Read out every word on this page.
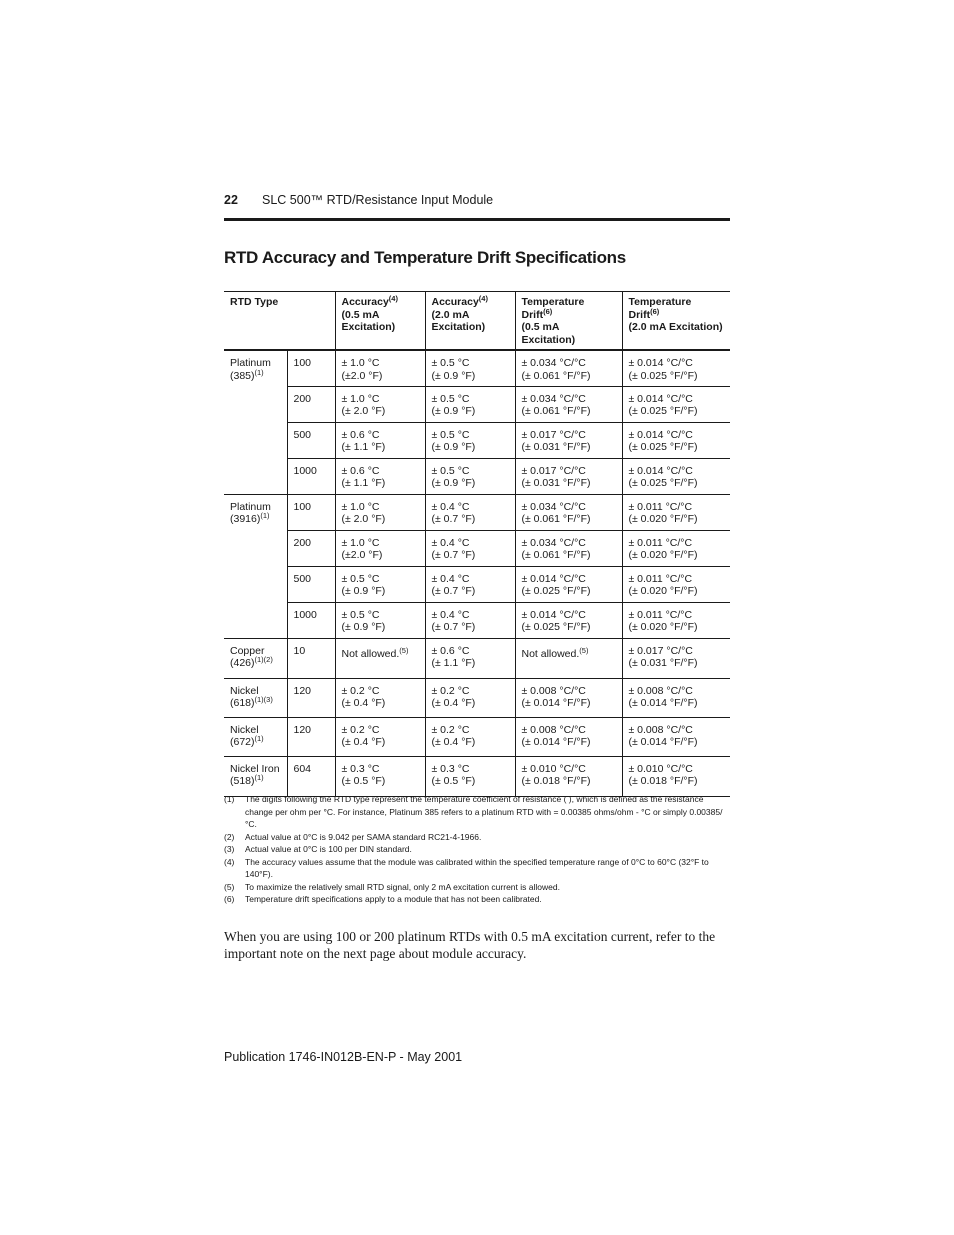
22 SLC 500™ RTD/Resistance Input Module
RTD Accuracy and Temperature Drift Specifications
RTD Type		Accuracy$^{(4)}$
(0.5 mA
Excitation)	Accuracy$^{(4)}$
(2.0 mA
Excitation)	Temperature
Drift$^{(6)}$
(0.5 mA Excitation)	Temperature
Drift$^{(6)}$
(2.0 mA Excitation)

Platinum
$(385)^{(1)}$	100	± 1.0 °C
(±2.0 °F)	± 0.5 °C
(± 0.9 °F)	± 0.034 °C/°C
(± 0.061 °F/°F)	± 0.014 °C/°C
(± 0.025 °F/°F)

	200	± 1.0 °C
(± 2.0 °F)	± 0.5 °C
(± 0.9 °F)	± 0.034 °C/°C
(± 0.061 °F/°F)	± 0.014 °C/°C
(± 0.025 °F/°F)

	500	± 0.6 °C
(± 1.1 °F)	± 0.5 °C
(± 0.9 °F)	± 0.017 °C/°C
(± 0.031 °F/°F)	± 0.014 °C/°C
(± 0.025 °F/°F)

	1000	± 0.6 °C
(± 1.1 °F)	± 0.5 °C
(± 0.9 °F)	± 0.017 °C/°C
(± 0.031 °F/°F)	± 0.014 °C/°C
(± 0.025 °F/°F)

Platinum
$(3916)^{(1)}$	100	± 1.0 °C
(± 2.0 °F)	± 0.4 °C
(± 0.7 °F)	± 0.034 °C/°C
(± 0.061 °F/°F)	± 0.011 °C/°C
(± 0.020 °F/°F)

	200	± 1.0 °C
(±2.0 °F)	± 0.4 °C
(± 0.7 °F)	± 0.034 °C/°C
(± 0.061 °F/°F)	± 0.011 °C/°C
(± 0.020 °F/°F)

	500	± 0.5 °C
(± 0.9 °F)	± 0.4 °C
(± 0.7 °F)	± 0.014 °C/°C
(± 0.025 °F/°F)	± 0.011 °C/°C
(± 0.020 °F/°F)

	1000	± 0.5 °C
(± 0.9 °F)	± 0.4 °C
(± 0.7 °F)	± 0.014 °C/°C
(± 0.025 °F/°F)	± 0.011 °C/°C
(± 0.020 °F/°F)

Copper
$(426)^{(1)(2)}$	10	Not allowed.$^{(5)}$	± 0.6 °C
(± 1.1 °F)	Not allowed.$^{(5)}$	± 0.017 °C/°C
(± 0.031 °F/°F)

Nickel
$(618)^{(1)(3)}$	120	± 0.2 °C
(± 0.4 °F)	± 0.2 °C
(± 0.4 °F)	± 0.008 °C/°C
(± 0.014 °F/°F)	± 0.008 °C/°C
(± 0.014 °F/°F)

Nickel
$(672)^{(1)}$	120	± 0.2 °C
(± 0.4 °F)	± 0.2 °C
(± 0.4 °F)	± 0.008 °C/°C
(± 0.014 °F/°F)	± 0.008 °C/°C
(± 0.014 °F/°F)

Nickel Iron
$(518)^{(1)}$	604	± 0.3 °C
(± 0.5 °F)	± 0.3 °C
(± 0.5 °F)	± 0.010 °C/°C
(± 0.018 °F/°F)	± 0.010 °C/°C
(± 0.018 °F/°F)
(1) The digits following the RTD type represent the temperature coefficient of resistance ( ), which is defined as the resistance change per ohm per °C. For instance, Platinum 385 refers to a platinum RTD with = 0.00385 ohms/ohm - °C or simply 0.00385/°C.
(2) Actual value at 0°C is 9.042 per SAMA standard RC21-4-1966.
(3) Actual value at 0°C is 100 per DIN standard.
(4) The accuracy values assume that the module was calibrated within the specified temperature range of 0°C to 60°C (32°F to 140°F).
(5) To maximize the relatively small RTD signal, only 2 mA excitation current is allowed.
(6) Temperature drift specifications apply to a module that has not been calibrated.
When you are using 100 or 200 platinum RTDs with 0.5 mA excitation current, refer to the important note on the next page about module accuracy.
Publication 1746-IN012B-EN-P - May 2001
